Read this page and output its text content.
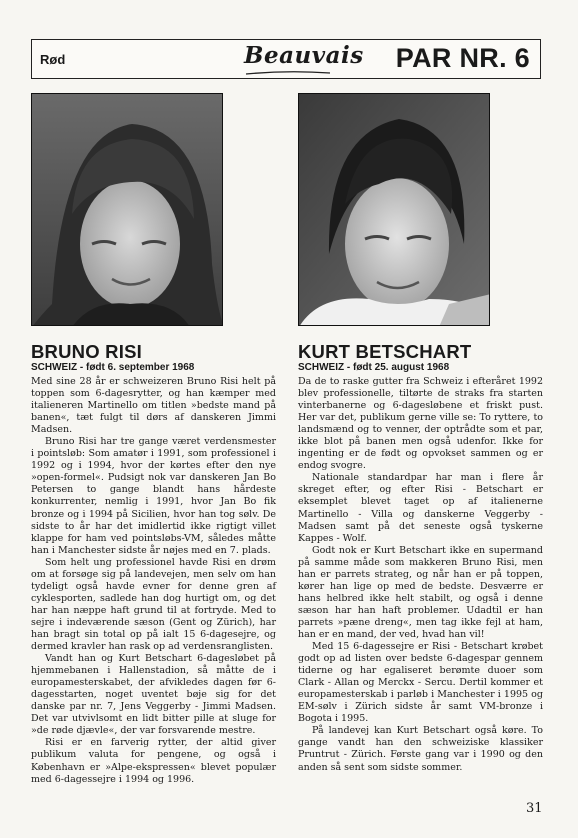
Rød	Beauvais PAR NR. 6
BRUNO RISI
SCHWEIZ - født 6. september 1968

Med sine 28 år er schweizeren Bruno Risi helt på toppen som 6-dagesrytter, og han kæmper med italieneren Martinello om titlen »bedste mand på banen«, tæt fulgt til dørs af danskeren Jimmi Madsen.

Bruno Risi har tre gange været verdensmester i pointsløb: Som amatør i 1991, som professionel i 1992 og i 1994, hvor der kørtes efter den nye »open-formel«. Pudsigt nok var danskeren Jan Bo Petersen to gange blandt hans hårdeste konkurrenter, nemlig i 1991, hvor Jan Bo fik bronze og i 1994 på Sicilien, hvor han tog sølv. De sidste to år har det imidlertid ikke rigtigt villet klappe for ham ved pointsløbs-VM, således måtte han i Manchester sidste år nøjes med en 7. plads.

Som helt ung professionel havde Risi en drøm om at forsøge sig på landevejen, men selv om han tydeligt også havde evner for denne gren af cyklesporten, sadlede han dog hurtigt om, og det har han næppe haft grund til at fortryde. Med to sejre i indeværende sæson (Gent og Zürich), har han bragt sin total op på ialt 15 6-dagesejre, og dermed kravler han rask op ad verdensranglisten.

Vandt han og Kurt Betschart 6-dagesløbet på hjemmebanen i Hallenstadion, så måtte de i europamesterskabet, der afvikledes dagen før 6-dagesstarten, noget uventet bøje sig for det danske par nr. 7, Jens Veggerby - Jimmi Madsen. Det var utvivlsomt en lidt bitter pille at sluge for »de røde djævle«, der var forsvarende mestre.

Risi er en farverig rytter, der altid giver publikum valuta for pengene, og også i København er »Alpe-ekspressen« blevet populær med 6-dagessejre i 1994 og 1996.

KURT BETSCHART
SCHWEIZ - født 25. august 1968

Da de to raske gutter fra Schweiz i efteråret 1992 blev professionelle, tiltørte de straks fra starten vinterbanerne og 6-dagesløbene et friskt pust. Her var det, publikum gerne ville se: To ryttere, to landsmænd og to venner, der optrådte som et par, ikke blot på banen men også udenfor. Ikke for ingenting er de født og opvokset sammen og er endog svogre.

Nationale standardpar har man i flere år skreget efter, og efter Risi - Betschart er eksemplet blevet taget op af italienerne Martinello - Villa og danskerne Veggerby - Madsen samt på det seneste også tyskerne Kappes - Wolf.

Godt nok er Kurt Betschart ikke en supermand på samme måde som makkeren Bruno Risi, men han er parrets strateg, og når han er på toppen, kører han lige op med de bedste. Desværre er hans helbred ikke helt stabilt, og også i denne sæson har han haft problemer. Udadtil er han parrets »pæne dreng«, men tag ikke fejl at ham, han er en mand, der ved, hvad han vil!

Med 15 6-dagessejre er Risi - Betschart krøbet godt op ad listen over bedste 6-dagespar gennem tiderne og har egaliseret berømte duoer som Clark - Allan og Merckx - Sercu. Dertil kommer et europamesterskab i parløb i Manchester i 1995 og EM-sølv i Zürich sidste år samt VM-bronze i Bogota i 1995.

På landevej kan Kurt Betschart også køre. To gange vandt han den schweiziske klassiker Pruntrut - Zürich. Første gang var i 1990 og den anden så sent som sidste sommer.

31
